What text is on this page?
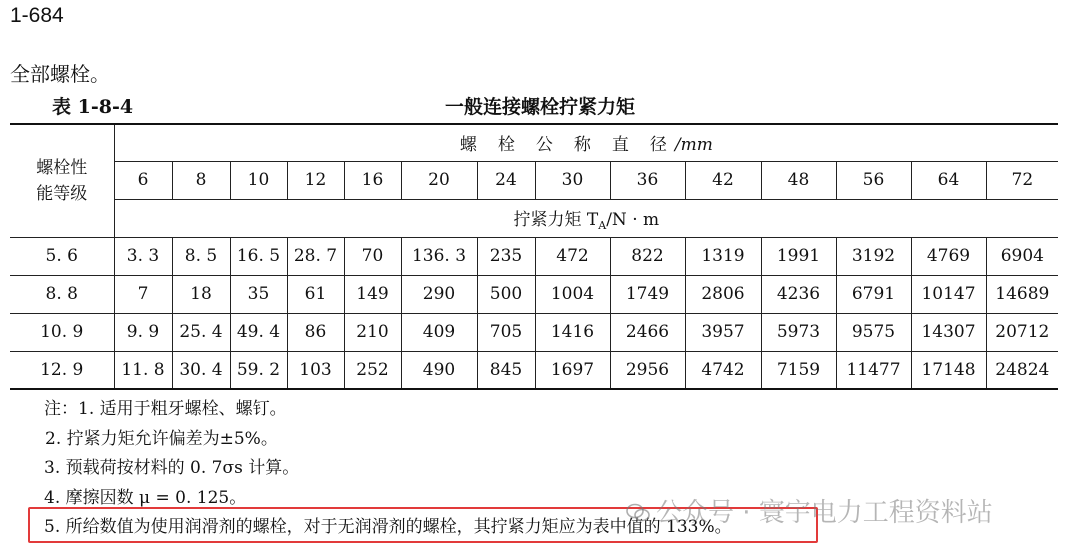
1-684
全部螺栓。
表 1-8-4	一般连接螺栓拧紧力矩
螺栓性能等级	螺　栓　公　称　直　径 /mm													
	6	8	10	12	16	20	24	30	36	42	48	56	64	72
	拧紧力矩 $T_A/N \cdot m$													
5. 6	3. 3	8. 5	16. 5	28. 7	70	136. 3	235	472	822	1319	1991	3192	4769	6904
8. 8	7	18	35	61	149	290	500	1004	1749	2806	4236	6791	10147	14689
10. 9	9. 9	25. 4	49. 4	86	210	409	705	1416	2466	3957	5973	9575	14307	20712
12. 9	11. 8	30. 4	59. 2	103	252	490	845	1697	2956	4742	7159	11477	17148	24824
注：1. 适用于粗牙螺栓、螺钉。
2. 拧紧力矩允许偏差为±5%。
3. 预载荷按材料的 0. 7σs 计算。
4. 摩擦因数 μ = 0. 125。
5. 所给数值为使用润滑剂的螺栓，对于无润滑剂的螺栓，其拧紧力矩应为表中值的 133%。
公众号 · 寰宇电力工程资料站
